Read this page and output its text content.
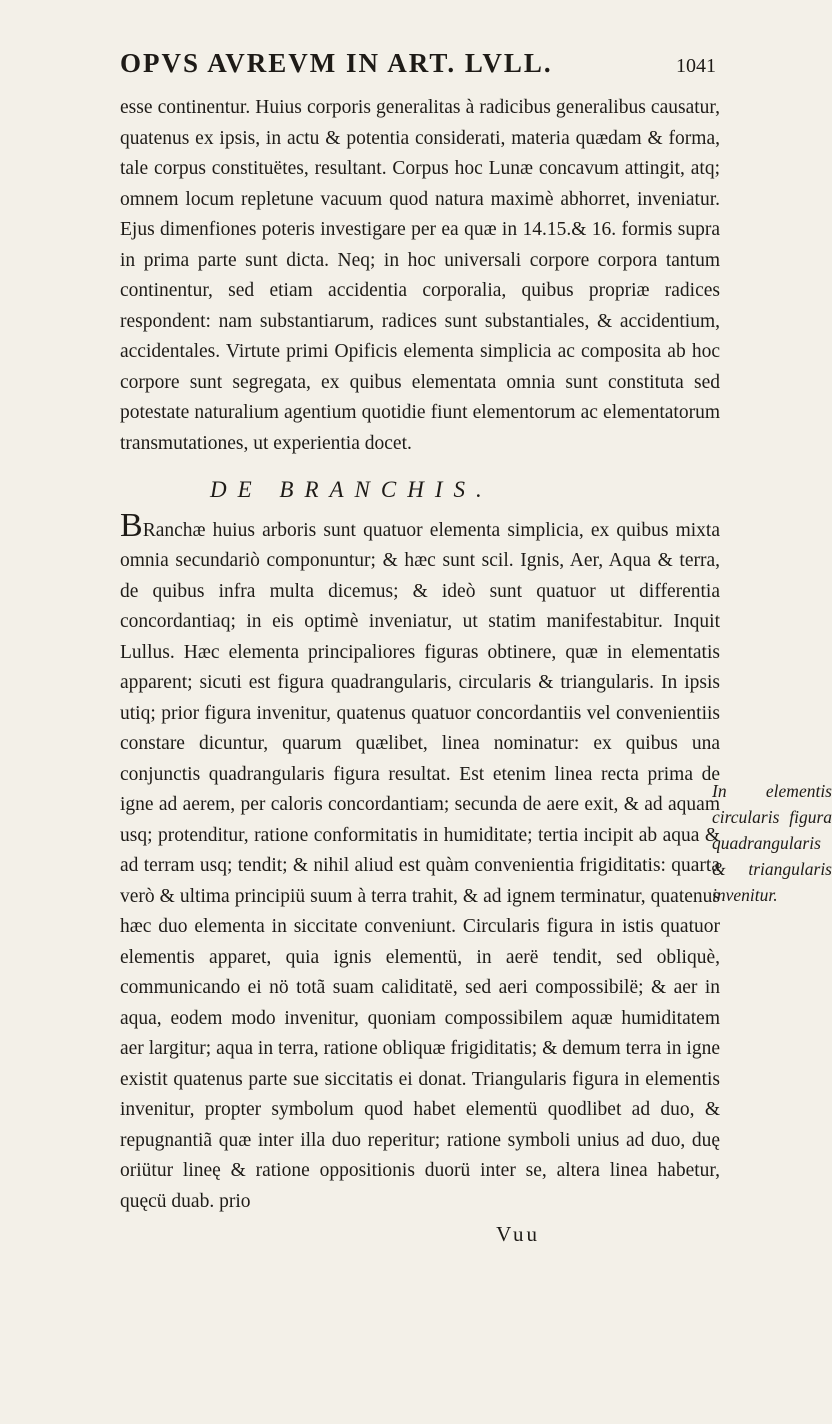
OPVS AVREVM IN ART. LVLL.	1041

esse continentur. Huius corporis generalitas à radicibus generalibus causatur, quatenus ex ipsis, in actu & potentia considerati, materia quædam & forma, tale corpus constituëtes, resultant. Corpus hoc Lunæ concavum attingit, atq; omnem locum repletune vacuum quod natura maximè abhorret, inveniatur. Ejus dimenfiones poteris investigare per ea quæ in 14.15.& 16. formis supra in prima parte sunt dicta. Neq; in hoc universali corpore corpora tantum continentur, sed etiam accidentia corporalia, quibus propriæ radices respondent: nam substantiarum, radices sunt substantiales, & accidentium, accidentales. Virtute primi Opificis elementa simplicia ac composita ab hoc corpore sunt segregata, ex quibus elementata omnia sunt constituta sed potestate naturalium agentium quotidie fiunt elementorum ac elementatorum transmutationes, ut experientia docet.

DE BRANCHIS.

BRanchæ huius arboris sunt quatuor elementa simplicia, ex quibus mixta omnia secundariò componuntur; & hæc sunt scil. Ignis, Aer, Aqua & terra, de quibus infra multa dicemus; & ideò sunt quatuor ut differentia concordantiaq; in eis optimè inveniatur, ut statim manifestabitur. Inquit Lullus. Hæc elementa principaliores figuras obtinere, quæ in elementatis apparent; sicuti est figura quadrangularis, circularis & triangularis. In ipsis utiq; prior figura invenitur, quatenus quatuor concordantiis vel convenientiis constare dicuntur, quarum quælibet, linea nominatur: ex quibus una conjunctis quadrangularis figura resultat. Est etenim linea recta prima de igne ad aerem, per caloris concordantiam; secunda de aere exit, & ad aquam usq; protenditur, ratione conformitatis in humiditate; tertia incipit ab aqua & ad terram usq; tendit; & nihil aliud est quàm convenientia frigiditatis: quarta verò & ultima principiü suum à terra trahit, & ad ignem terminatur, quatenus hæc duo elementa in siccitate conveniunt. Circularis figura in istis quatuor elementis apparet, quia ignis elementü, in aerë tendit, sed obliquè, communicando ei nö totã suam caliditatë, sed aeri compossibilë; & aer in aqua, eodem modo invenitur, quoniam compossibilem aquæ humiditatem aer largitur; aqua in terra, ratione obliquæ frigiditatis; & demum terra in igne existit quatenus parte sue siccitatis ei donat. Triangularis figura in elementis invenitur, propter symbolum quod habet elementü quodlibet ad duo, & repugnantiã quæ inter illa duo reperitur; ratione symboli unius ad duo, duę oriütur lineę & ratione oppositionis duorü inter se, altera linea habetur, quęcü duab. prio

In elementis circularis figura quadrangularis & triangularis invenitur.
Vuu
